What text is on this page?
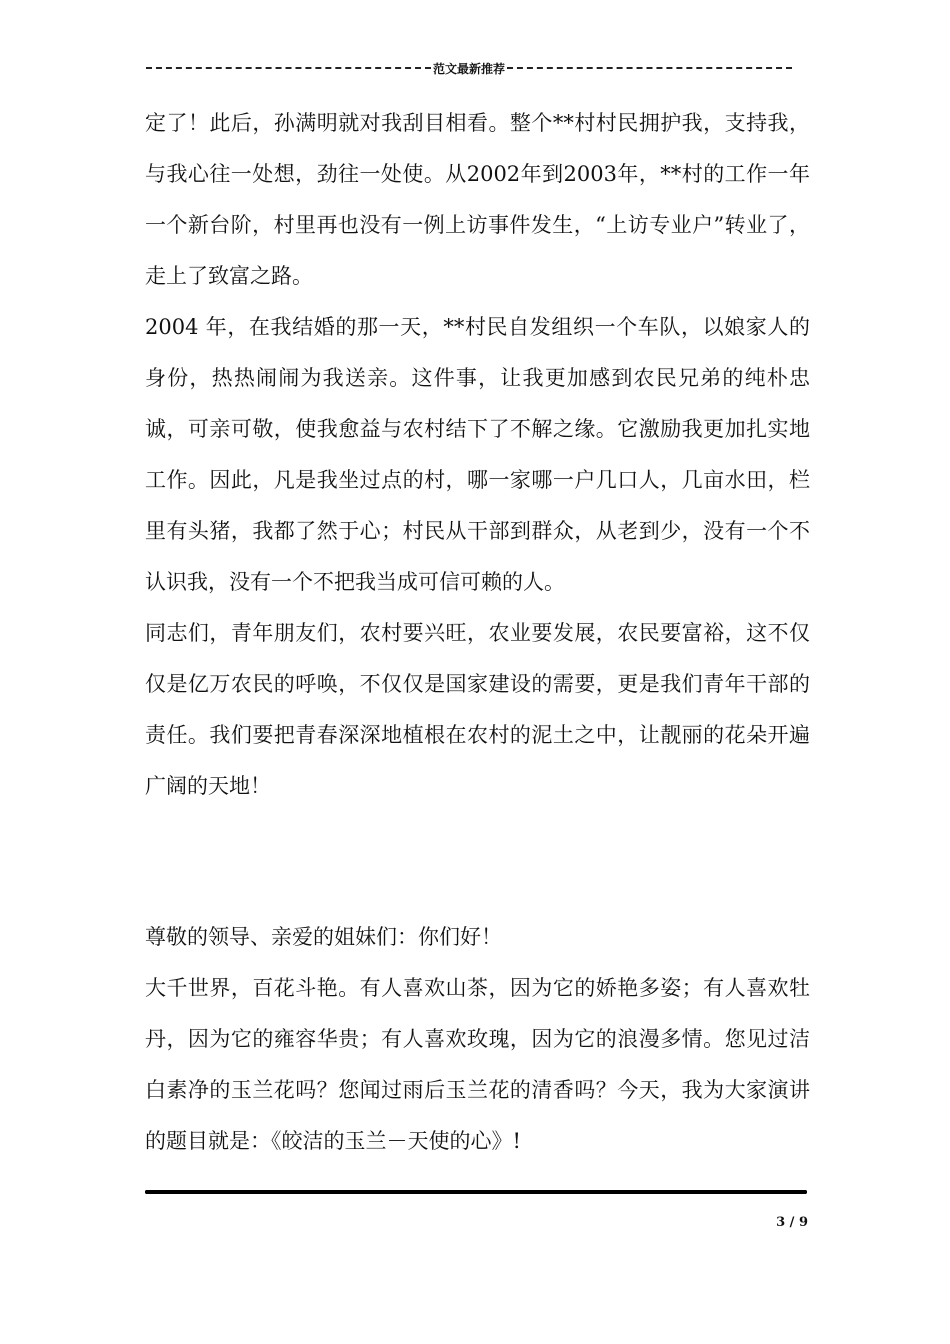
范文最新推荐

定了！此后，孙满明就对我刮目相看。整个**村村民拥护我，支持我，与我心往一处想，劲往一处使。从2002年到2003年，**村的工作一年一个新台阶，村里再也没有一例上访事件发生，“上访专业户”转业了，走上了致富之路。

2004 年，在我结婚的那一天，**村民自发组织一个车队，以娘家人的身份，热热闹闹为我送亲。这件事，让我更加感到农民兄弟的纯朴忠诚，可亲可敬，使我愈益与农村结下了不解之缘。它激励我更加扎实地工作。因此，凡是我坐过点的村，哪一家哪一户几口人，几亩水田，栏里有头猪，我都了然于心；村民从干部到群众，从老到少，没有一个不认识我，没有一个不把我当成可信可赖的人。

同志们，青年朋友们，农村要兴旺，农业要发展，农民要富裕，这不仅仅是亿万农民的呼唤，不仅仅是国家建设的需要，更是我们青年干部的责任。我们要把青春深深地植根在农村的泥土之中，让靓丽的花朵开遍广阔的天地！

尊敬的领导、亲爱的姐妹们：你们好！

大千世界，百花斗艳。有人喜欢山茶，因为它的娇艳多姿；有人喜欢牡丹，因为它的雍容华贵；有人喜欢玫瑰，因为它的浪漫多情。您见过洁白素净的玉兰花吗？您闻过雨后玉兰花的清香吗？今天，我为大家演讲的题目就是：《皎洁的玉兰－天使的心》!

3 / 9
